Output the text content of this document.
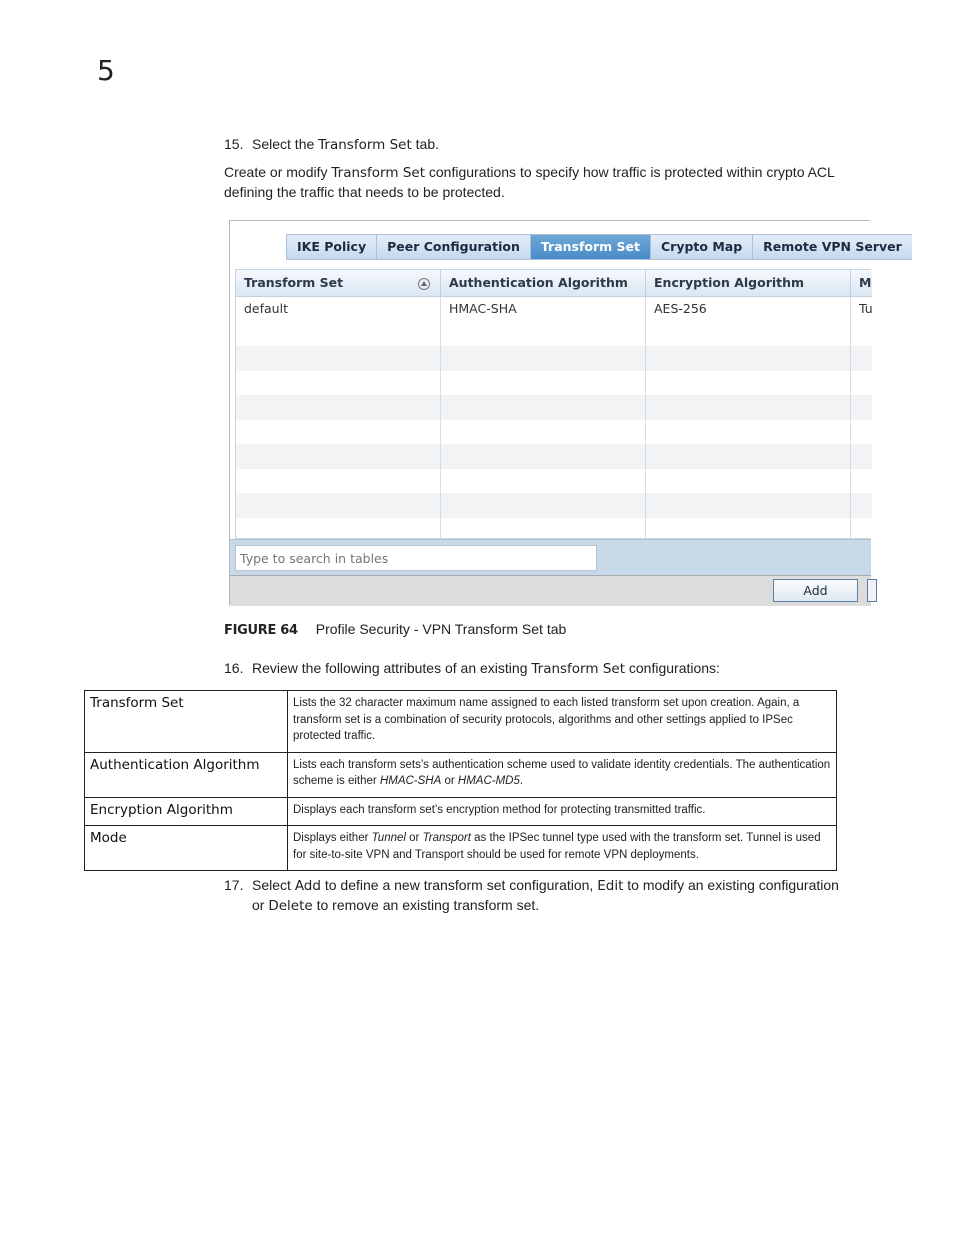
5
15. Select the Transform Set tab.
Create or modify Transform Set configurations to specify how traffic is protected within crypto ACL
defining the traffic that needs to be protected.
IKE Policy	Peer Configuration	Transform Set	Crypto Map	Remote VPN Server
Transform Set	Authentication Algorithm	Encryption Algorithm	M
default	HMAC-SHA	AES-256	Tu
Type to search in tables
Add
FIGURE 64 Profile Security - VPN Transform Set tab
16. Review the following attributes of an existing Transform Set configurations:
Transform Set	Lists the 32 character maximum name assigned to each listed transform set upon creation. Again, a transform set is a combination of security protocols, algorithms and other settings applied to IPSec protected traffic.
Authentication Algorithm	Lists each transform sets’s authentication scheme used to validate identity credentials. The authentication scheme is either HMAC-SHA or HMAC-MD5.
Encryption Algorithm	Displays each transform set’s encryption method for protecting transmitted traffic.
Mode	Displays either Tunnel or Transport as the IPSec tunnel type used with the transform set. Tunnel is used for site-to-site VPN and Transport should be used for remote VPN deployments.
17. Select Add to define a new transform set configuration, Edit to modify an existing configuration
or Delete to remove an existing transform set.
